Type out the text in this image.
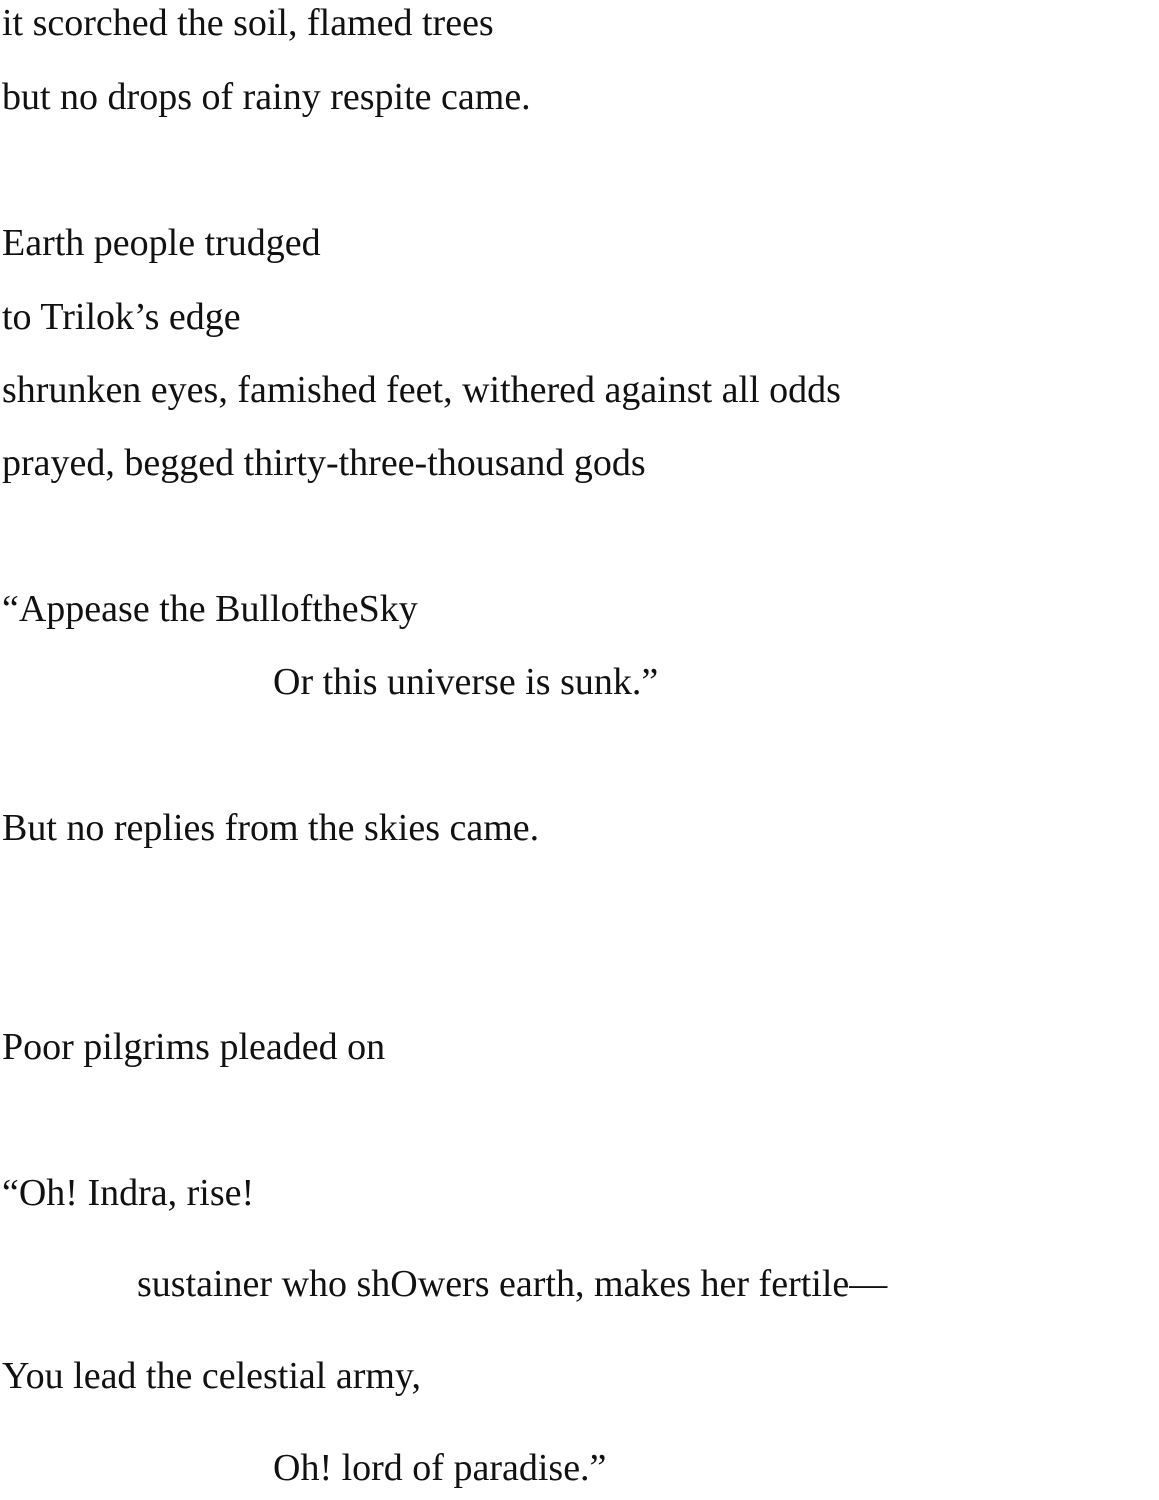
it scorched the soil, flamed trees

but no drops of rainy respite came.

Earth people trudged

to Trilok’s edge

shrunken eyes, famished feet, withered against all odds

prayed, begged thirty-three-thousand gods

“Appease the BulloftheSky

Or this universe is sunk.”

But no replies from the skies came.

Poor pilgrims pleaded on

“Oh! Indra, rise!

sustainer who shOwers earth, makes her fertile—

You lead the celestial army,

Oh! lord of paradise.”
